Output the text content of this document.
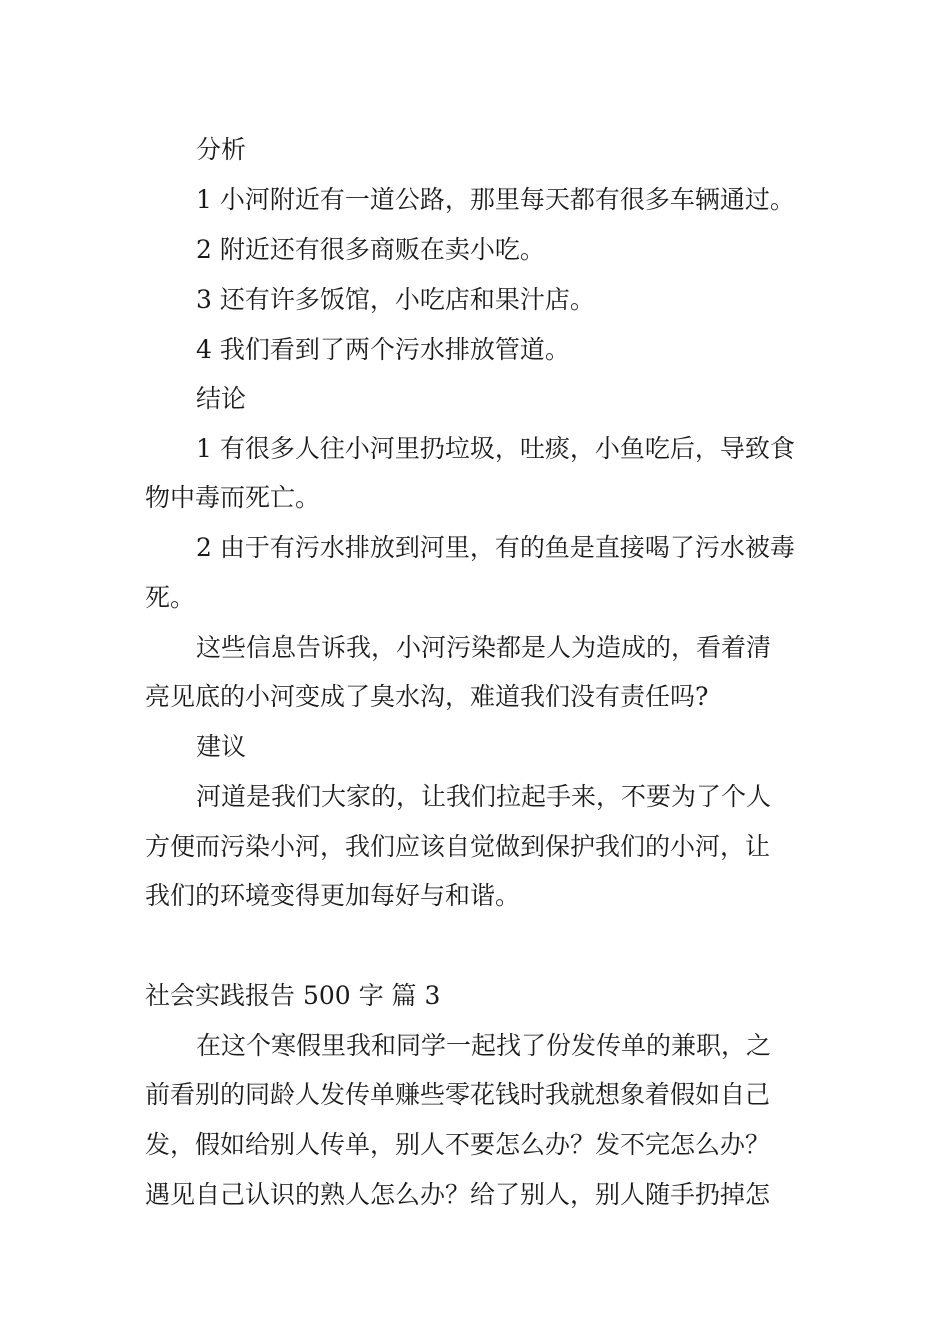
分析
1 小河附近有一道公路，那里每天都有很多车辆通过。
2 附近还有很多商贩在卖小吃。
3 还有许多饭馆，小吃店和果汁店。
4 我们看到了两个污水排放管道。
结论
1 有很多人往小河里扔垃圾，吐痰，小鱼吃后，导致食
物中毒而死亡。
2 由于有污水排放到河里，有的鱼是直接喝了污水被毒
死。
这些信息告诉我，小河污染都是人为造成的，看着清
亮见底的小河变成了臭水沟，难道我们没有责任吗?
建议
河道是我们大家的，让我们拉起手来，不要为了个人
方便而污染小河，我们应该自觉做到保护我们的小河，让
我们的环境变得更加每好与和谐。
社会实践报告 500 字 篇 3
在这个寒假里我和同学一起找了份发传单的兼职，之
前看别的同龄人发传单赚些零花钱时我就想象着假如自己
发，假如给别人传单，别人不要怎么办？发不完怎么办？
遇见自己认识的熟人怎么办？给了别人，别人随手扔掉怎
